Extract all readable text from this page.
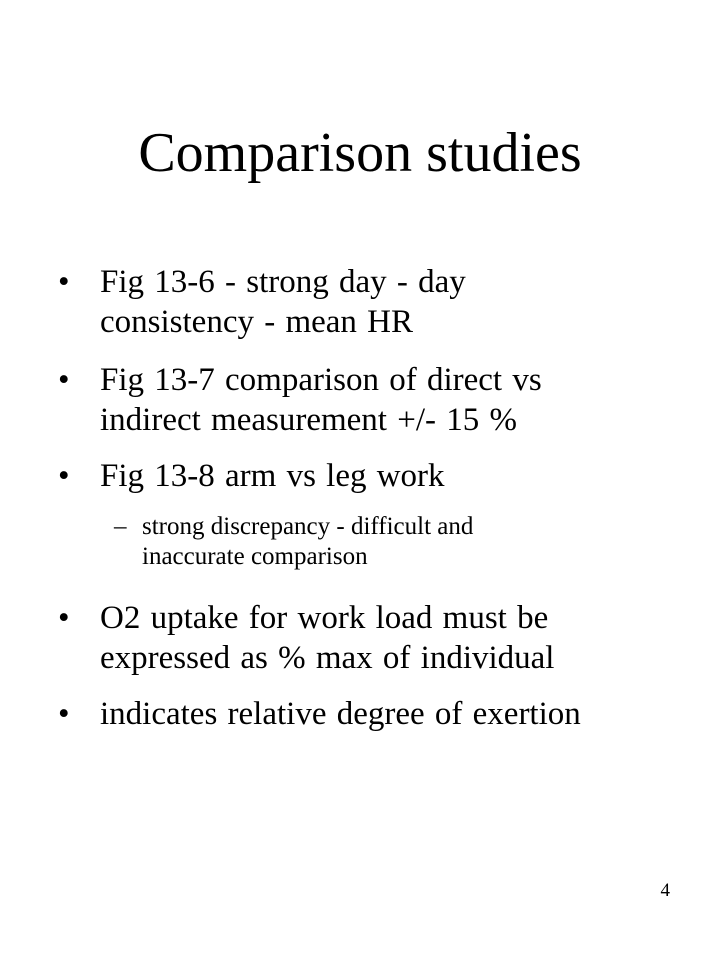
Comparison studies
• Fig 13-6 - strong day - day
consistency - mean HR
• Fig 13-7 comparison of direct vs
indirect measurement +/- 15 %
• Fig 13-8 arm vs leg work
– strong discrepancy - difficult and
inaccurate comparison
• O2 uptake for work load must be
expressed as % max of individual
• indicates relative degree of exertion
4
